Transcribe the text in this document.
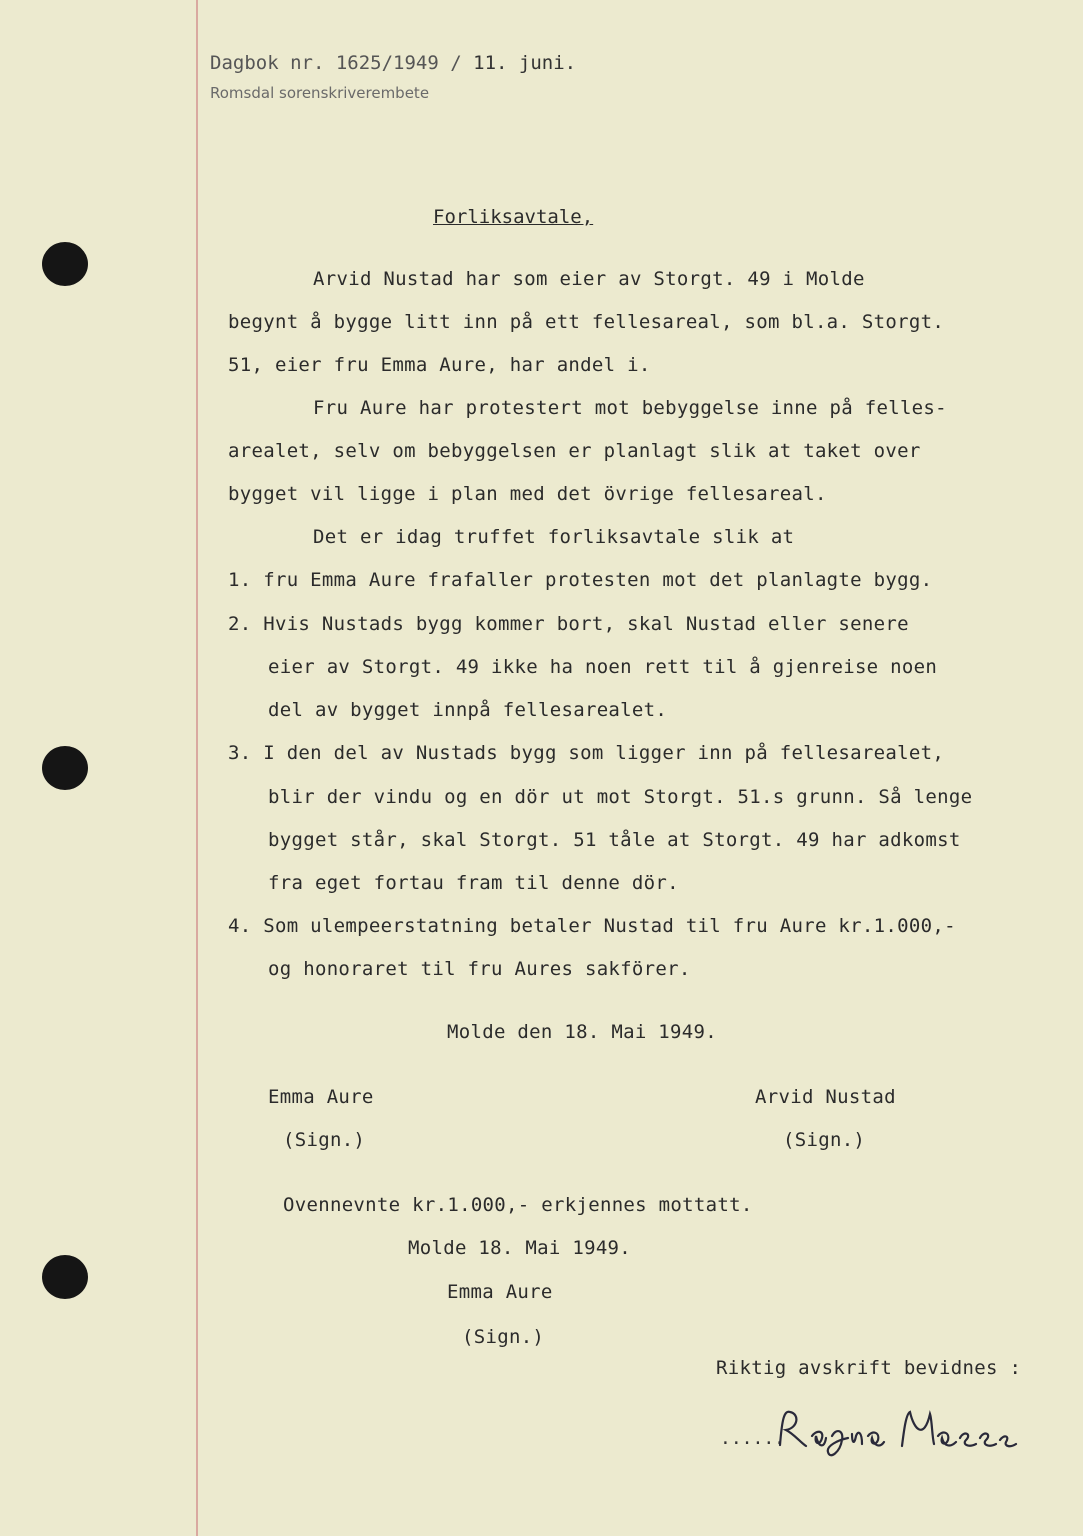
Dagbok nr. 1625/1949 / 11. juni.
Romsdal sorenskriverembete
Forliksavtale,
Arvid Nustad har som eier av Storgt. 49 i Molde
begynt å bygge litt inn på ett fellesareal, som bl.a. Storgt.
51, eier fru Emma Aure, har andel i.
Fru Aure har protestert mot bebyggelse inne på felles-
arealet, selv om bebyggelsen er planlagt slik at taket over
bygget vil ligge i plan med det övrige fellesareal.
Det er idag truffet forliksavtale slik at
1. fru Emma Aure frafaller protesten mot det planlagte bygg.
2. Hvis Nustads bygg kommer bort, skal Nustad eller senere
eier av Storgt. 49 ikke ha noen rett til å gjenreise noen
del av bygget innpå fellesarealet.
3. I den del av Nustads bygg som ligger inn på fellesarealet,
blir der vindu og en dör ut mot Storgt. 51.s grunn. Så lenge
bygget står, skal Storgt. 51 tåle at Storgt. 49 har adkomst
fra eget fortau fram til denne dör.
4. Som ulempeerstatning betaler Nustad til fru Aure kr.1.000,-
og honoraret til fru Aures sakförer.
Molde den 18. Mai 1949.
Emma Aure
(Sign.)
Arvid Nustad
(Sign.)
Ovennevnte kr.1.000,- erkjennes mottatt.
Molde 18. Mai 1949.
Emma Aure
(Sign.)
Riktig avskrift bevidnes :
......
